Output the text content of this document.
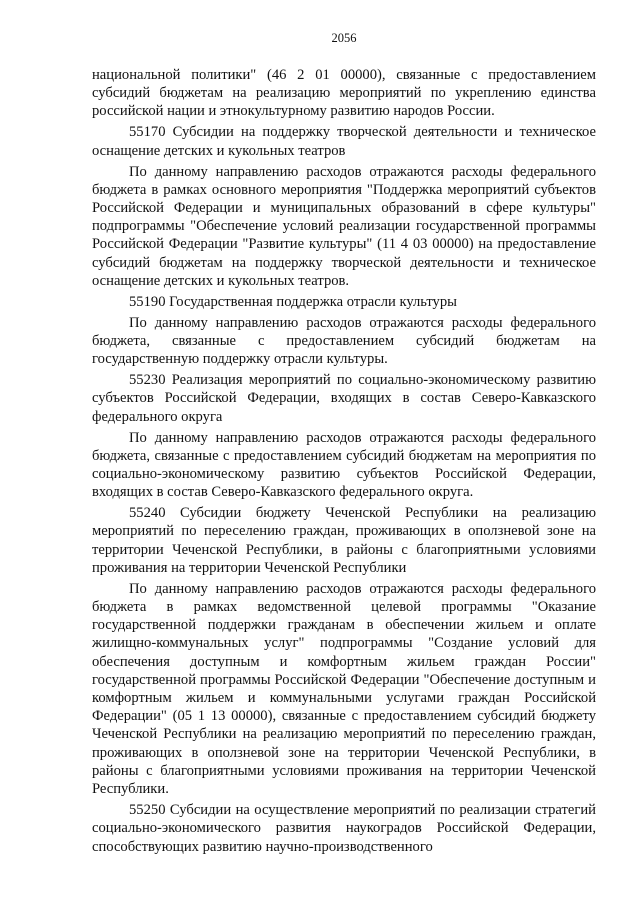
2056

национальной политики" (46 2 01 00000), связанные с предоставлением субсидий бюджетам на реализацию мероприятий по укреплению единства российской нации и этнокультурному развитию народов России.

55170 Субсидии на поддержку творческой деятельности и техническое оснащение детских и кукольных театров

По данному направлению расходов отражаются расходы федерального бюджета в рамках основного мероприятия "Поддержка мероприятий субъектов Российской Федерации и муниципальных образований в сфере культуры" подпрограммы "Обеспечение условий реализации государственной программы Российской Федерации "Развитие культуры" (11 4 03 00000) на предоставление субсидий бюджетам на поддержку творческой деятельности и техническое оснащение детских и кукольных театров.

55190 Государственная поддержка отрасли культуры

По данному направлению расходов отражаются расходы федерального бюджета, связанные с предоставлением субсидий бюджетам на государственную поддержку отрасли культуры.

55230 Реализация мероприятий по социально-экономическому развитию субъектов Российской Федерации, входящих в состав Северо-Кавказского федерального округа

По данному направлению расходов отражаются расходы федерального бюджета, связанные с предоставлением субсидий бюджетам на мероприятия по социально-экономическому развитию субъектов Российской Федерации, входящих в состав Северо-Кавказского федерального округа.

55240 Субсидии бюджету Чеченской Республики на реализацию мероприятий по переселению граждан, проживающих в оползневой зоне на территории Чеченской Республики, в районы с благоприятными условиями проживания на территории Чеченской Республики

По данному направлению расходов отражаются расходы федерального бюджета в рамках ведомственной целевой программы "Оказание государственной поддержки гражданам в обеспечении жильем и оплате жилищно-коммунальных услуг" подпрограммы "Создание условий для обеспечения доступным и комфортным жильем граждан России" государственной программы Российской Федерации "Обеспечение доступным и комфортным жильем и коммунальными услугами граждан Российской Федерации" (05 1 13 00000), связанные с предоставлением субсидий бюджету Чеченской Республики на реализацию мероприятий по переселению граждан, проживающих в оползневой зоне на территории Чеченской Республики, в районы с благоприятными условиями проживания на территории Чеченской Республики.

55250 Субсидии на осуществление мероприятий по реализации стратегий социально-экономического развития наукоградов Российской Федерации, способствующих развитию научно-производственного
